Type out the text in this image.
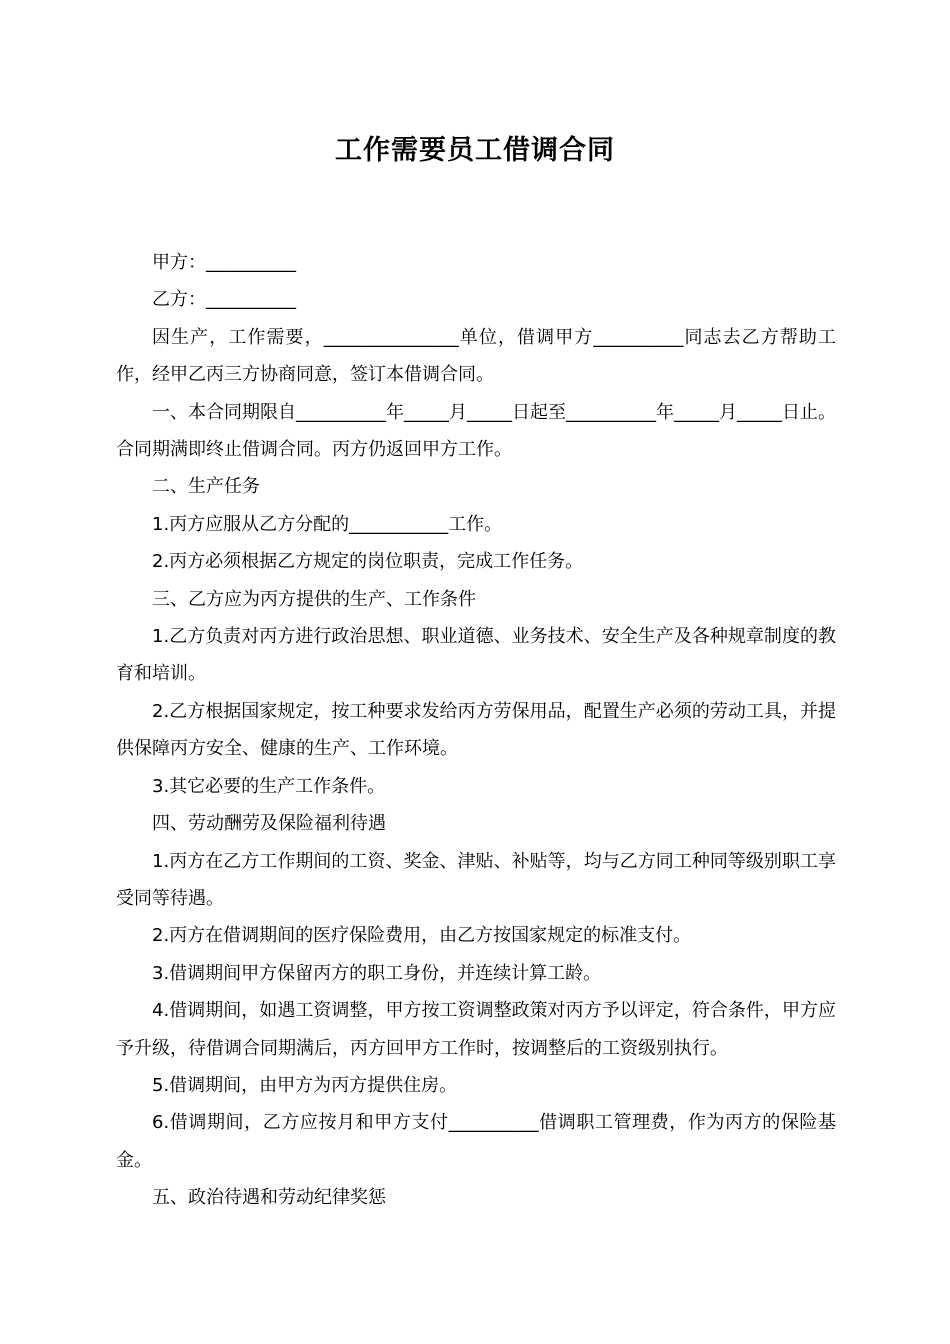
工作需要员工借调合同

甲方：__________

乙方：__________

因生产，工作需要，_______________单位，借调甲方__________同志去乙方帮助工作，经甲乙丙三方协商同意，签订本借调合同。

一、本合同期限自__________年_____月_____日起至__________年_____月_____日止。合同期满即终止借调合同。丙方仍返回甲方工作。

二、生产任务

1.丙方应服从乙方分配的___________工作。

2.丙方必须根据乙方规定的岗位职责，完成工作任务。

三、乙方应为丙方提供的生产、工作条件

1.乙方负责对丙方进行政治思想、职业道德、业务技术、安全生产及各种规章制度的教育和培训。

2.乙方根据国家规定，按工种要求发给丙方劳保用品，配置生产必须的劳动工具，并提供保障丙方安全、健康的生产、工作环境。

3.其它必要的生产工作条件。

四、劳动酬劳及保险福利待遇

1.丙方在乙方工作期间的工资、奖金、津贴、补贴等，均与乙方同工种同等级别职工享受同等待遇。

2.丙方在借调期间的医疗保险费用，由乙方按国家规定的标准支付。

3.借调期间甲方保留丙方的职工身份，并连续计算工龄。

4.借调期间，如遇工资调整，甲方按工资调整政策对丙方予以评定，符合条件，甲方应予升级，待借调合同期满后，丙方回甲方工作时，按调整后的工资级别执行。

5.借调期间，由甲方为丙方提供住房。

6.借调期间，乙方应按月和甲方支付__________借调职工管理费，作为丙方的保险基金。

五、政治待遇和劳动纪律奖惩
